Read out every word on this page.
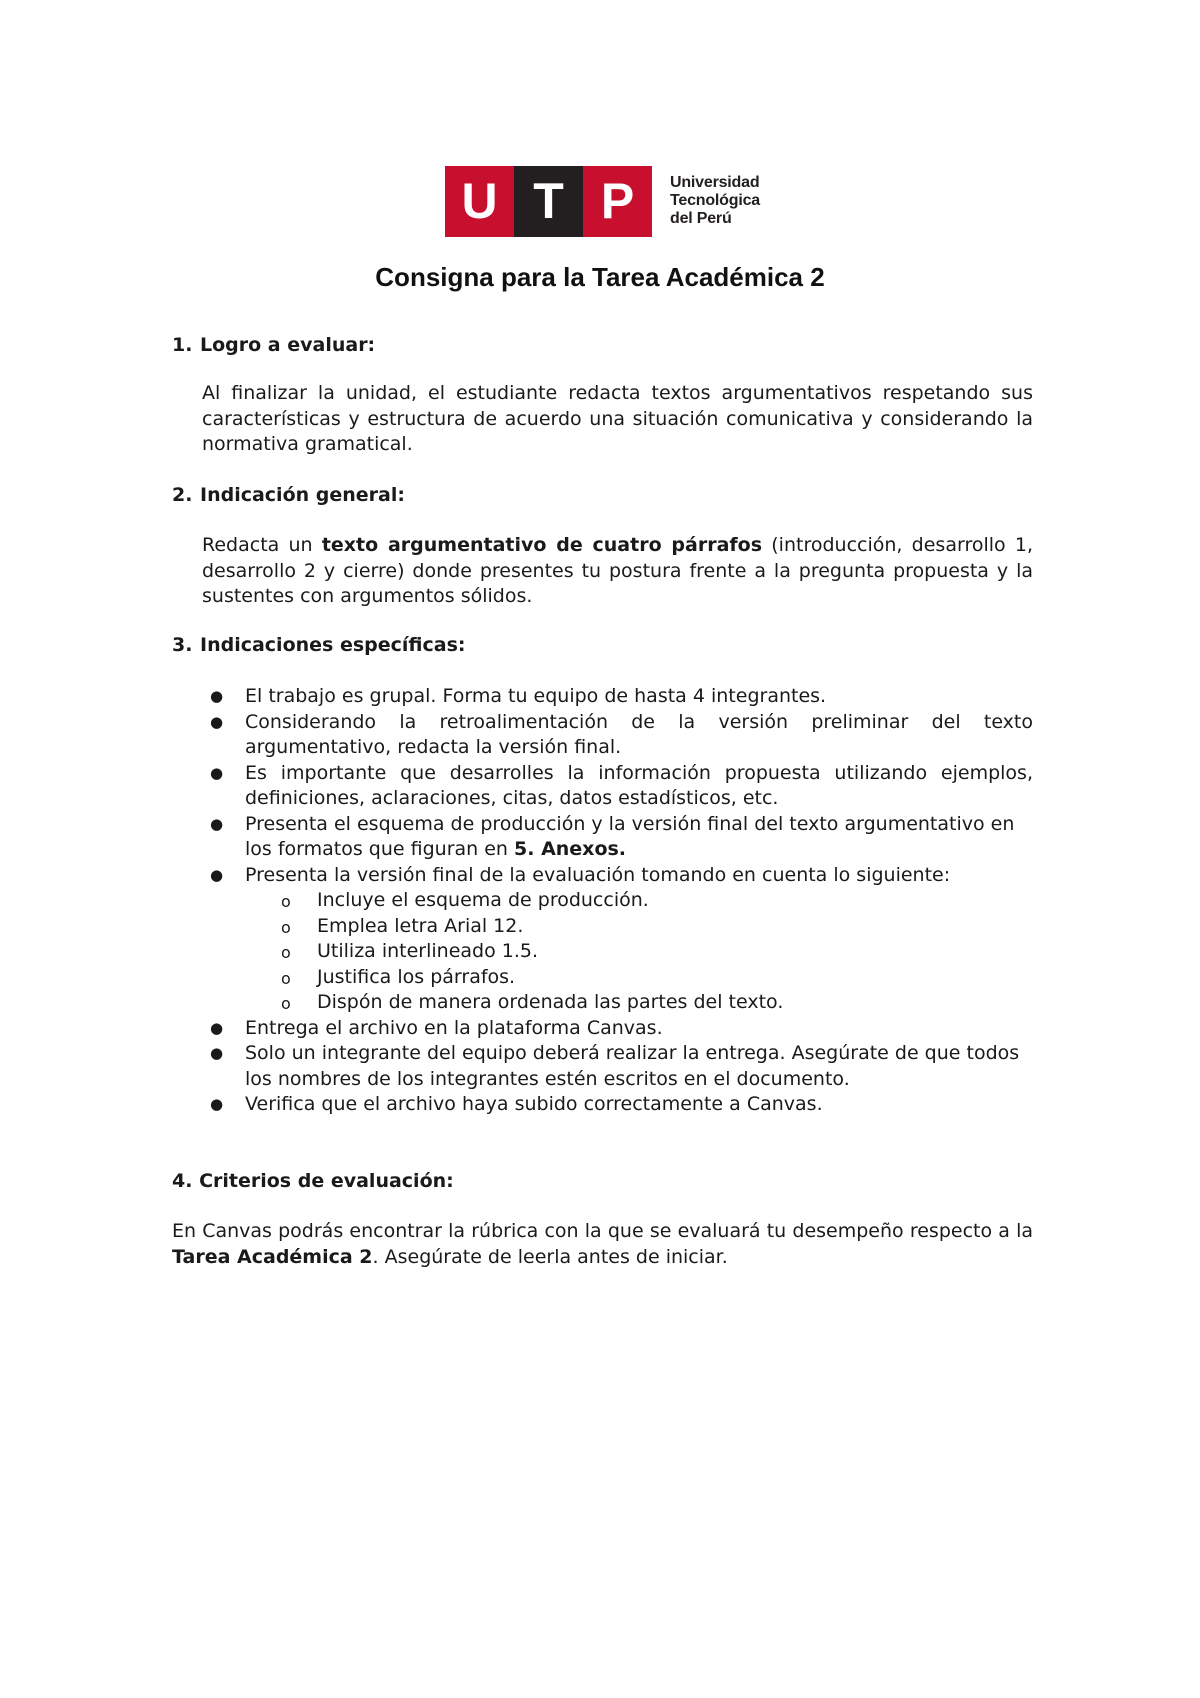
U T P	Universidad
Tecnológica
del Perú
Consigna para la Tarea Académica 2
1. Logro a evaluar:
Al finalizar la unidad, el estudiante redacta textos argumentativos respetando sus características y estructura de acuerdo una situación comunicativa y considerando la normativa gramatical.
2. Indicación general:
Redacta un texto argumentativo de cuatro párrafos (introducción, desarrollo 1, desarrollo 2 y cierre) donde presentes tu postura frente a la pregunta propuesta y la sustentes con argumentos sólidos.
3. Indicaciones específicas:
● El trabajo es grupal. Forma tu equipo de hasta 4 integrantes.
● Considerando la retroalimentación de la versión preliminar del texto argumentativo, redacta la versión final.
● Es importante que desarrolles la información propuesta utilizando ejemplos, definiciones, aclaraciones, citas, datos estadísticos, etc.
● Presenta el esquema de producción y la versión final del texto argumentativo en los formatos que figuran en 5. Anexos.
● Presenta la versión final de la evaluación tomando en cuenta lo siguiente:
o Incluye el esquema de producción.
o Emplea letra Arial 12.
o Utiliza interlineado 1.5.
o Justifica los párrafos.
o Dispón de manera ordenada las partes del texto.
● Entrega el archivo en la plataforma Canvas.
● Solo un integrante del equipo deberá realizar la entrega. Asegúrate de que todos los nombres de los integrantes estén escritos en el documento.
● Verifica que el archivo haya subido correctamente a Canvas.
4. Criterios de evaluación:
En Canvas podrás encontrar la rúbrica con la que se evaluará tu desempeño respecto a la Tarea Académica 2. Asegúrate de leerla antes de iniciar.
